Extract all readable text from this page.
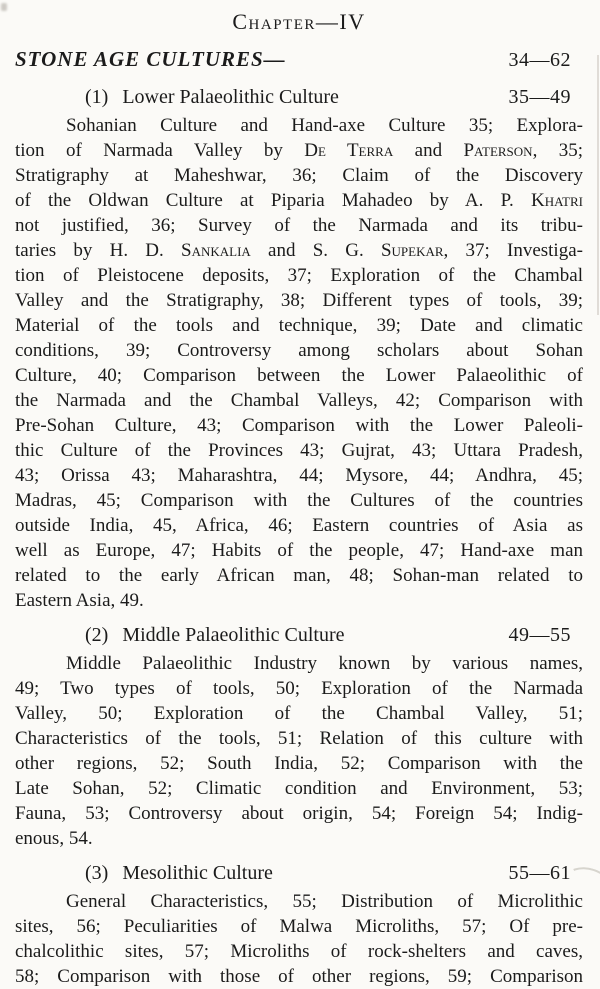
Chapter—IV
STONE AGE CULTURES—	34—62
(1) Lower Palaeolithic Culture	35—49
Sohanian Culture and Hand-axe Culture 35; Explora-
tion of Narmada Valley by De Terra and Paterson, 35;
Stratigraphy at Maheshwar, 36; Claim of the Discovery
of the Oldwan Culture at Piparia Mahadeo by A. P. Khatri
not justified, 36; Survey of the Narmada and its tribu-
taries by H. D. Sankalia and S. G. Supekar, 37; Investiga-
tion of Pleistocene deposits, 37; Exploration of the Chambal
Valley and the Stratigraphy, 38; Different types of tools, 39;
Material of the tools and technique, 39; Date and climatic
conditions, 39; Controversy among scholars about Sohan
Culture, 40; Comparison between the Lower Palaeolithic of
the Narmada and the Chambal Valleys, 42; Comparison with
Pre-Sohan Culture, 43; Comparison with the Lower Paleoli-
thic Culture of the Provinces 43; Gujrat, 43; Uttara Pradesh,
43; Orissa 43; Maharashtra, 44; Mysore, 44; Andhra, 45;
Madras, 45; Comparison with the Cultures of the countries
outside India, 45, Africa, 46; Eastern countries of Asia as
well as Europe, 47; Habits of the people, 47; Hand-axe man
related to the early African man, 48; Sohan-man related to
Eastern Asia, 49.
(2) Middle Palaeolithic Culture	49—55
Middle Palaeolithic Industry known by various names,
49; Two types of tools, 50; Exploration of the Narmada
Valley, 50; Exploration of the Chambal Valley, 51;
Characteristics of the tools, 51; Relation of this culture with
other regions, 52; South India, 52; Comparison with the
Late Sohan, 52; Climatic condition and Environment, 53;
Fauna, 53; Controversy about origin, 54; Foreign 54; Indig-
enous, 54.
(3) Mesolithic Culture	55—61
General Characteristics, 55; Distribution of Microlithic
sites, 56; Peculiarities of Malwa Microliths, 57; Of pre-
chalcolithic sites, 57; Microliths of rock-shelters and caves,
58; Comparison with those of other regions, 59; Comparison
